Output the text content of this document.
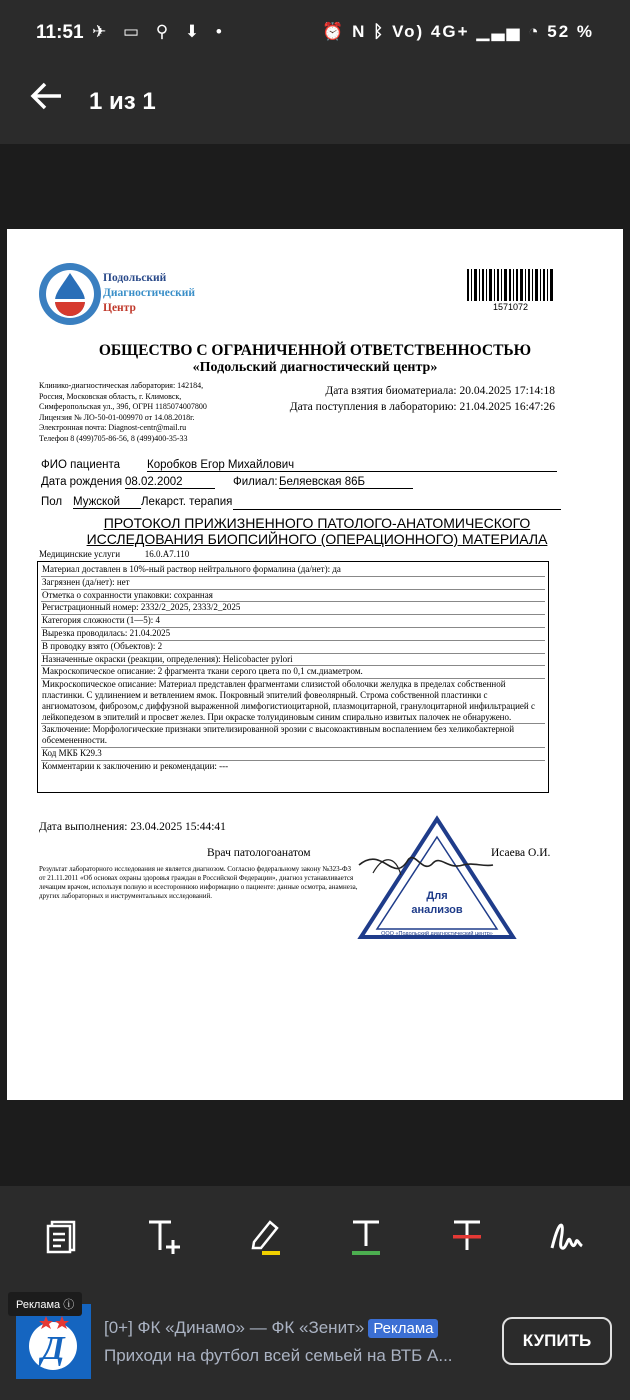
11:51 ✈ ▭ ⚲ ⬇ •	⏰ N ᛒ Vo) 4G+ ▁▃▅ ◔ 52 %
1 из 1
Подольский
Диагностический
Центр	1571072
ОБЩЕСТВО С ОГРАНИЧЕННОЙ ОТВЕТСТВЕННОСТЬЮ
«Подольский диагностический центр»
Клинико-диагностическая лаборатория: 142184,
Россия, Московская область, г. Климовск,
Симферопольская ул., 39б, ОГРН 1185074007800
Лицензия № ЛО-50-01-009970 от 14.08.2018г.
Электронная почта: Diagnost-centr@mail.ru
Телефон 8 (499)705-86-56, 8 (499)400-35-33
Дата взятия биоматериала: 20.04.2025 17:14:18
Дата поступления в лабораторию: 21.04.2025 16:47:26
ФИО пациента Коробков Егор Михайлович
Дата рождения 08.02.2002	Филиал: Беляевская 86Б
Пол Мужской	Лекарст. терапия
ПРОТОКОЛ ПРИЖИЗНЕННОГО ПАТОЛОГО-АНАТОМИЧЕСКОГО
ИССЛЕДОВАНИЯ БИОПСИЙНОГО (ОПЕРАЦИОННОГО) МАТЕРИАЛА
Медицинские услуги	16.0.А7.110
Материал доставлен в 10%-ный раствор нейтрального формалина (да/нет): да
Загрязнен (да/нет): нет
Отметка о сохранности упаковки: сохранная
Регистрационный номер: 2332/2_2025, 2333/2_2025
Категория сложности (1—5): 4
Вырезка проводилась: 21.04.2025
В проводку взято (Объектов): 2
Назначенные окраски (реакции, определения): Helicobacter pylori
Макроскопическое описание: 2 фрагмента ткани серого цвета по 0,1 см.диаметром.
Микроскопическое описание: Материал представлен фрагментами слизистой оболочки желудка в пределах собственной пластинки. С удлинением и ветвлением ямок. Покровный эпителий фовеолярный. Строма собственной пластинки с ангиоматозом, фиброзом,с диффузной выраженной лимфогистиоцитарной, плазмоцитарной, гранулоцитарной инфильтрацией с лейкопедезом в эпителий и просвет желез. При окраске толуидиновым синим спирально извитых палочек не обнаружено.
Заключение: Морфологические признаки эпителизированной эрозии с высокоактивным воспалением без хеликобактерной обсемененности.
Код МКБ К29.3
Комментарии к заключению и рекомендации: ---
Дата выполнения: 23.04.2025 15:44:41
Врач патологоанатом	Исаева О.И.
Результат лабораторного исследования не является диагнозом. Согласно федеральному закону №323-ФЗ от 21.11.2011 «Об основах охраны здоровья граждан в Российской Федерации», диагноз устанавливается лечащим врачом, используя полную и всестороннюю информацию о пациенте: данные осмотра, анамнеза, других лабораторных и инструментальных исследований.	Для
анализов
ООО «Подольский диагностический центр»
Д
Реклама ⓘ
[0+] ФК «Динамо» — ФК «Зенит» Реклама
Приходи на футбол всей семьей на ВТБ А...
КУПИТЬ
